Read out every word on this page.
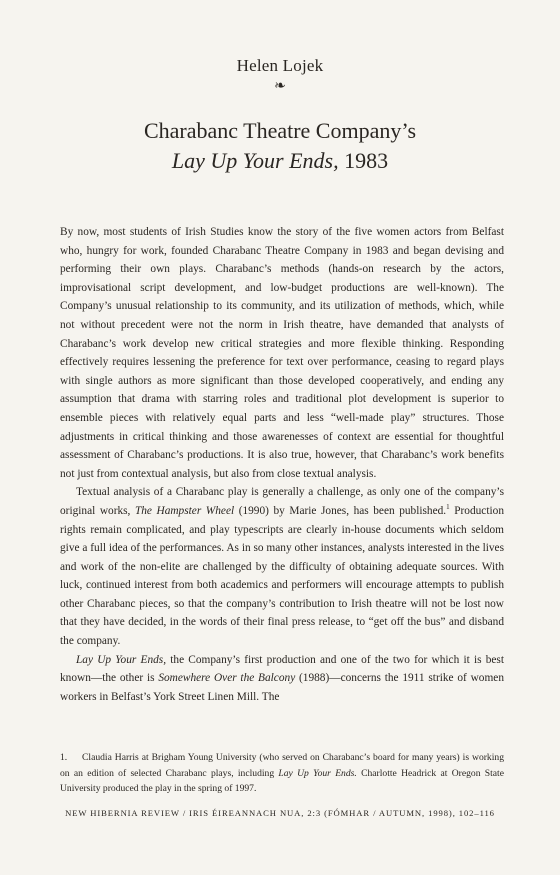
Helen Lojek
❧
Charabanc Theatre Company’s
Lay Up Your Ends, 1983

By now, most students of Irish Studies know the story of the five women actors from Belfast who, hungry for work, founded Charabanc Theatre Company in 1983 and began devising and performing their own plays. Charabanc’s methods (hands-on research by the actors, improvisational script development, and low-budget productions are well-known). The Company’s unusual relationship to its community, and its utilization of methods, which, while not without precedent were not the norm in Irish theatre, have demanded that analysts of Charabanc’s work develop new critical strategies and more flexible thinking. Responding effectively requires lessening the preference for text over performance, ceasing to regard plays with single authors as more significant than those developed cooperatively, and ending any assumption that drama with starring roles and traditional plot development is superior to ensemble pieces with relatively equal parts and less “well-made play” structures. Those adjustments in critical thinking and those awarenesses of context are essential for thoughtful assessment of Charabanc’s productions. It is also true, however, that Charabanc’s work benefits not just from contextual analysis, but also from close textual analysis.

Textual analysis of a Charabanc play is generally a challenge, as only one of the company’s original works, The Hampster Wheel (1990) by Marie Jones, has been published.$^1$ Production rights remain complicated, and play typescripts are clearly in-house documents which seldom give a full idea of the performances. As in so many other instances, analysts interested in the lives and work of the non-elite are challenged by the difficulty of obtaining adequate sources. With luck, continued interest from both academics and performers will encourage attempts to publish other Charabanc pieces, so that the company’s contribution to Irish theatre will not be lost now that they have decided, in the words of their final press release, to “get off the bus” and disband the company.

Lay Up Your Ends, the Company’s first production and one of the two for which it is best known—the other is Somewhere Over the Balcony (1988)—concerns the 1911 strike of women workers in Belfast’s York Street Linen Mill. The

1. Claudia Harris at Brigham Young University (who served on Charabanc’s board for many years) is working on an edition of selected Charabanc plays, including Lay Up Your Ends. Charlotte Headrick at Oregon State University produced the play in the spring of 1997.
NEW HIBERNIA REVIEW / IRIS ÉIREANNACH NUA, 2:3 (FÓMHAR / AUTUMN, 1998), 102–116
